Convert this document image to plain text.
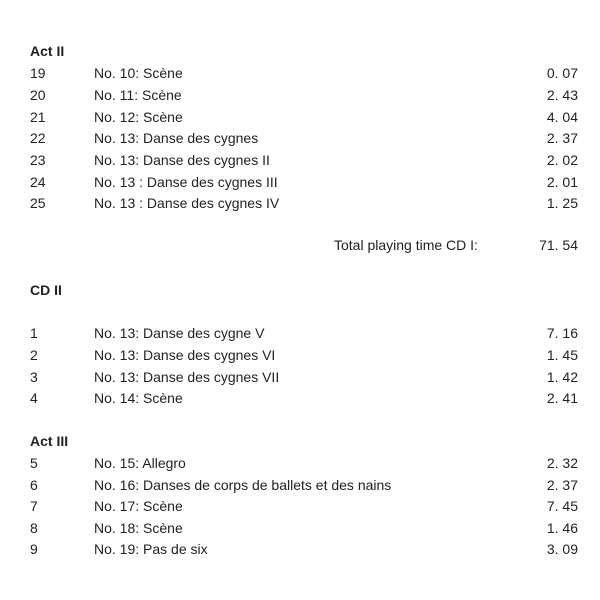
Act II
19	No. 10: Scène	0. 07
20	No. 11: Scène	2. 43
21	No. 12: Scène	4. 04
22	No. 13: Danse des cygnes	2. 37
23	No. 13: Danse des cygnes II	2. 02
24	No. 13 : Danse des cygnes III	2. 01
25	No. 13 : Danse des cygnes IV	1. 25
Total playing time CD I:	71. 54
CD II
1	No. 13: Danse des cygne V	7. 16
2	No. 13: Danse des cygnes VI	1. 45
3	No. 13: Danse des cygnes VII	1. 42
4	No. 14: Scène	2. 41
Act III
5	No. 15: Allegro	2. 32
6	No. 16: Danses de corps de ballets et des nains	2. 37
7	No. 17: Scène	7. 45
8	No. 18: Scène	1. 46
9	No. 19: Pas de six	3. 09
